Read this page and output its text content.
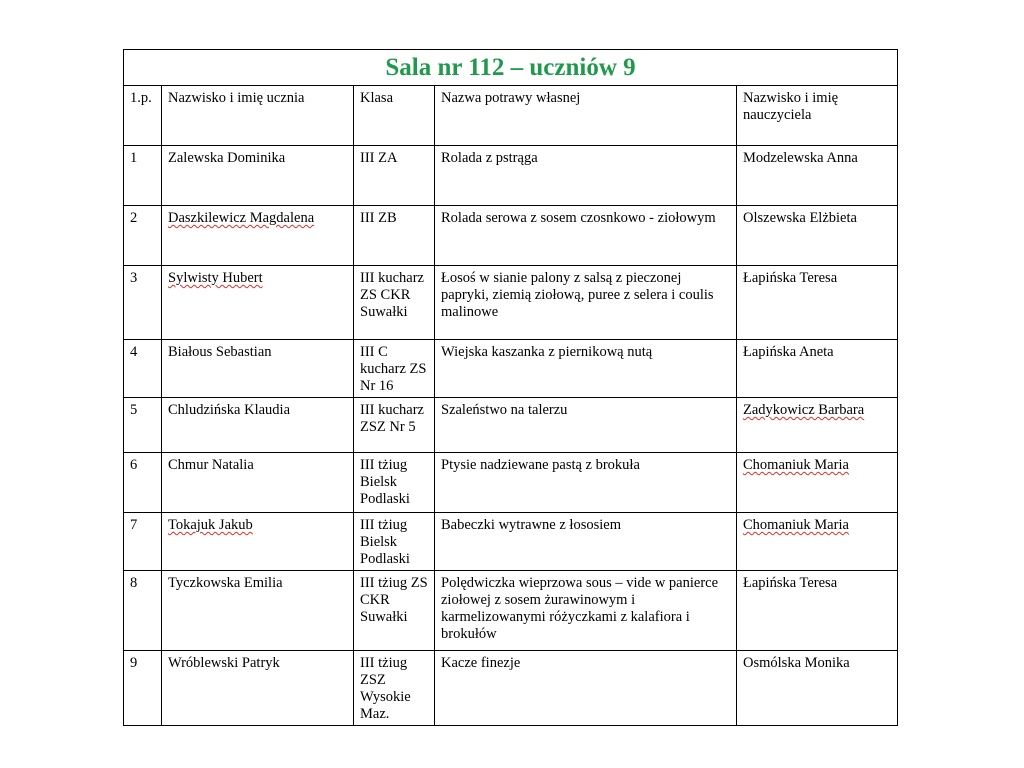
Sala nr 112 – uczniów 9				
1.p.	Nazwisko i imię ucznia	Klasa	Nazwa potrawy własnej	Nazwisko i imię nauczyciela
1	Zalewska Dominika	III ZA	Rolada z pstrąga	Modzelewska Anna
2	Daszkilewicz Magdalena	III ZB	Rolada serowa z sosem czosnkowo - ziołowym	Olszewska Elżbieta
3	Sylwisty Hubert	III kucharz ZS CKR Suwałki	Łosoś w sianie palony z salsą z pieczonej papryki, ziemią ziołową, puree z selera i coulis malinowe	Łapińska Teresa
4	Białous Sebastian	III C kucharz ZS Nr 16	Wiejska kaszanka z piernikową nutą	Łapińska Aneta
5	Chludzińska Klaudia	III kucharz ZSZ Nr 5	Szaleństwo na talerzu	Zadykowicz Barbara
6	Chmur Natalia	III tżiug Bielsk Podlaski	Ptysie nadziewane pastą z brokuła	Chomaniuk Maria
7	Tokajuk Jakub	III tżiug Bielsk Podlaski	Babeczki wytrawne z łososiem	Chomaniuk Maria
8	Tyczkowska Emilia	III tżiug ZS CKR Suwałki	Polędwiczka wieprzowa sous – vide w panierce ziołowej z sosem żurawinowym i karmelizowanymi różyczkami z kalafiora i brokułów	Łapińska Teresa
9	Wróblewski Patryk	III tżiug ZSZ Wysokie Maz.	Kacze finezje	Osmólska Monika
